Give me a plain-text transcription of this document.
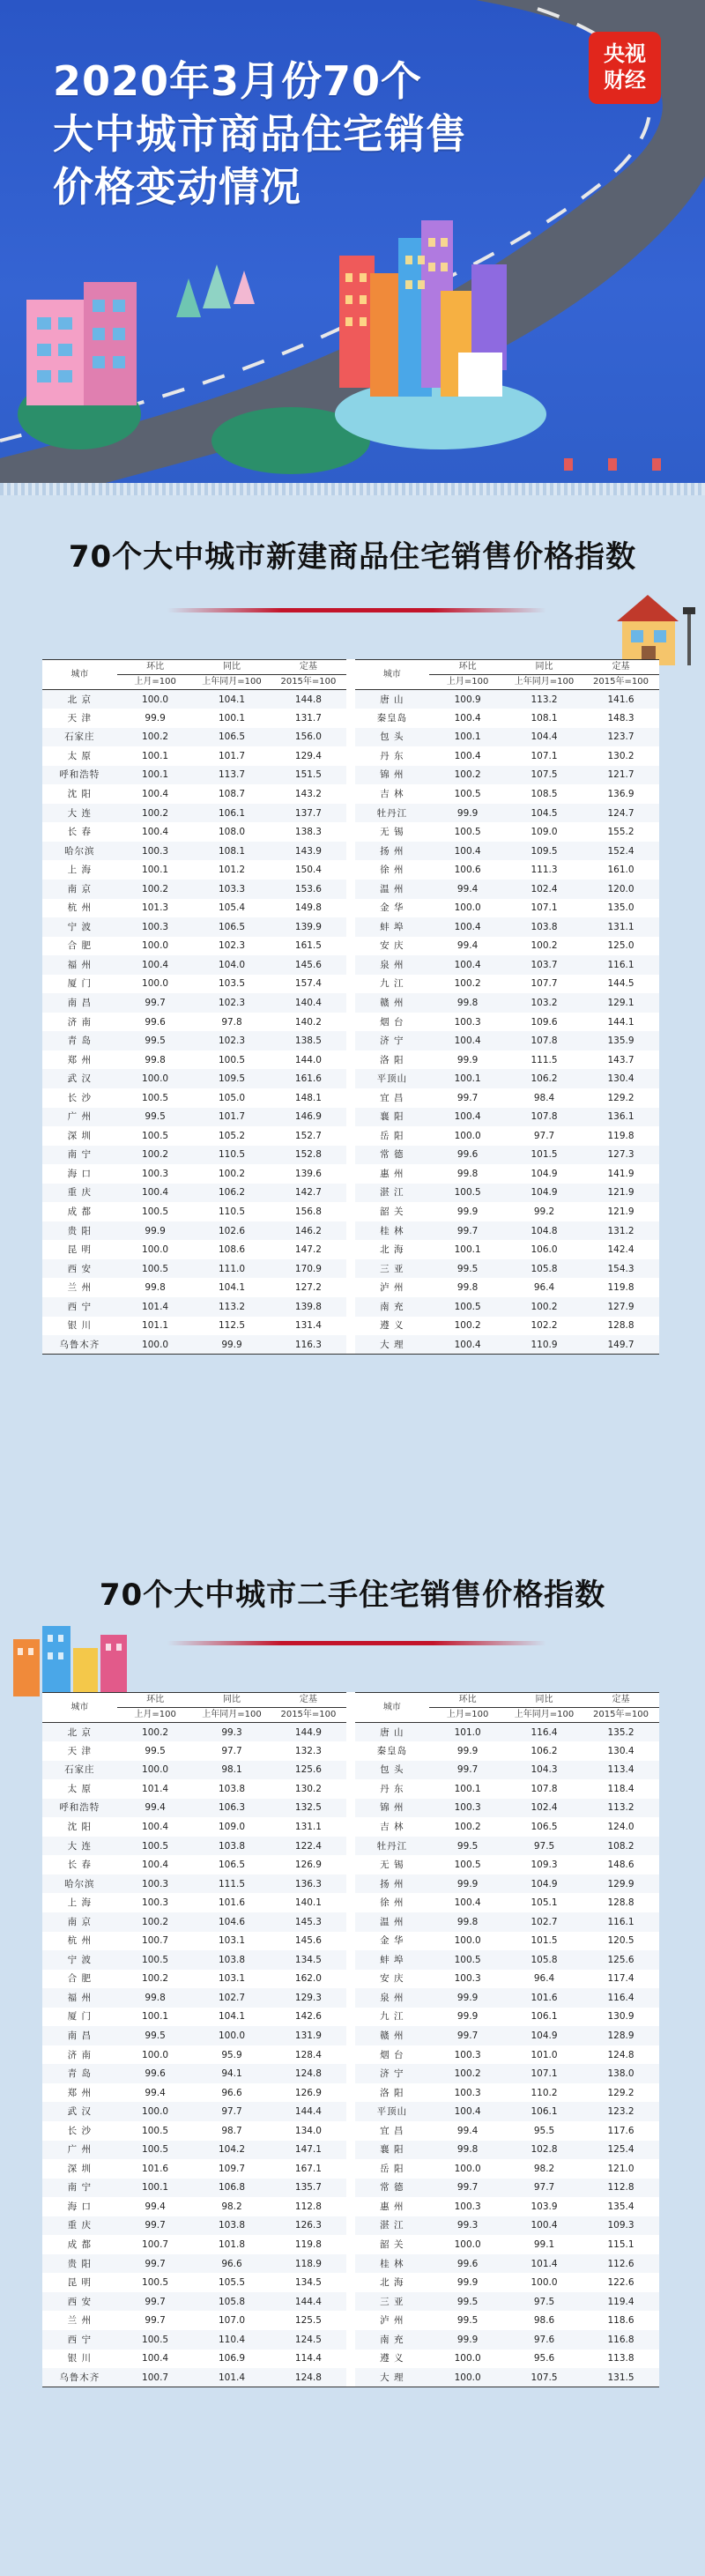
2020年3月份70个
大中城市商品住宅销售
价格变动情况
央视
财经
70个大中城市新建商品住宅销售价格指数
城市	环比	同比	定基		城市	环比	同比	定基
	上月=100	上年同月=100	2015年=100			上月=100	上年同月=100	2015年=100
北 京	100.0	104.1	144.8		唐 山	100.9	113.2	141.6
天 津	99.9	100.1	131.7		秦皇岛	100.4	108.1	148.3
石家庄	100.2	106.5	156.0		包 头	100.1	104.4	123.7
太 原	100.1	101.7	129.4		丹 东	100.4	107.1	130.2
呼和浩特	100.1	113.7	151.5		锦 州	100.2	107.5	121.7
沈 阳	100.4	108.7	143.2		吉 林	100.5	108.5	136.9
大 连	100.2	106.1	137.7		牡丹江	99.9	104.5	124.7
长 春	100.4	108.0	138.3		无 锡	100.5	109.0	155.2
哈尔滨	100.3	108.1	143.9		扬 州	100.4	109.5	152.4
上 海	100.1	101.2	150.4		徐 州	100.6	111.3	161.0
南 京	100.2	103.3	153.6		温 州	99.4	102.4	120.0
杭 州	101.3	105.4	149.8		金 华	100.0	107.1	135.0
宁 波	100.3	106.5	139.9		蚌 埠	100.4	103.8	131.1
合 肥	100.0	102.3	161.5		安 庆	99.4	100.2	125.0
福 州	100.4	104.0	145.6		泉 州	100.4	103.7	116.1
厦 门	100.0	103.5	157.4		九 江	100.2	107.7	144.5
南 昌	99.7	102.3	140.4		赣 州	99.8	103.2	129.1
济 南	99.6	97.8	140.2		烟 台	100.3	109.6	144.1
青 岛	99.5	102.3	138.5		济 宁	100.4	107.8	135.9
郑 州	99.8	100.5	144.0		洛 阳	99.9	111.5	143.7
武 汉	100.0	109.5	161.6		平顶山	100.1	106.2	130.4
长 沙	100.5	105.0	148.1		宜 昌	99.7	98.4	129.2
广 州	99.5	101.7	146.9		襄 阳	100.4	107.8	136.1
深 圳	100.5	105.2	152.7		岳 阳	100.0	97.7	119.8
南 宁	100.2	110.5	152.8		常 德	99.6	101.5	127.3
海 口	100.3	100.2	139.6		惠 州	99.8	104.9	141.9
重 庆	100.4	106.2	142.7		湛 江	100.5	104.9	121.9
成 都	100.5	110.5	156.8		韶 关	99.9	99.2	121.9
贵 阳	99.9	102.6	146.2		桂 林	99.7	104.8	131.2
昆 明	100.0	108.6	147.2		北 海	100.1	106.0	142.4
西 安	100.5	111.0	170.9		三 亚	99.5	105.8	154.3
兰 州	99.8	104.1	127.2		泸 州	99.8	96.4	119.8
西 宁	101.4	113.2	139.8		南 充	100.5	100.2	127.9
银 川	101.1	112.5	131.4		遵 义	100.2	102.2	128.8
乌鲁木齐	100.0	99.9	116.3		大 理	100.4	110.9	149.7
70个大中城市二手住宅销售价格指数
城市	环比	同比	定基		城市	环比	同比	定基
	上月=100	上年同月=100	2015年=100			上月=100	上年同月=100	2015年=100
北 京	100.2	99.3	144.9		唐 山	101.0	116.4	135.2
天 津	99.5	97.7	132.3		秦皇岛	99.9	106.2	130.4
石家庄	100.0	98.1	125.6		包 头	99.7	104.3	113.4
太 原	101.4	103.8	130.2		丹 东	100.1	107.8	118.4
呼和浩特	99.4	106.3	132.5		锦 州	100.3	102.4	113.2
沈 阳	100.4	109.0	131.1		吉 林	100.2	106.5	124.0
大 连	100.5	103.8	122.4		牡丹江	99.5	97.5	108.2
长 春	100.4	106.5	126.9		无 锡	100.5	109.3	148.6
哈尔滨	100.3	111.5	136.3		扬 州	99.9	104.9	129.9
上 海	100.3	101.6	140.1		徐 州	100.4	105.1	128.8
南 京	100.2	104.6	145.3		温 州	99.8	102.7	116.1
杭 州	100.7	103.1	145.6		金 华	100.0	101.5	120.5
宁 波	100.5	103.8	134.5		蚌 埠	100.5	105.8	125.6
合 肥	100.2	103.1	162.0		安 庆	100.3	96.4	117.4
福 州	99.8	102.7	129.3		泉 州	99.9	101.6	116.4
厦 门	100.1	104.1	142.6		九 江	99.9	106.1	130.9
南 昌	99.5	100.0	131.9		赣 州	99.7	104.9	128.9
济 南	100.0	95.9	128.4		烟 台	100.3	101.0	124.8
青 岛	99.6	94.1	124.8		济 宁	100.2	107.1	138.0
郑 州	99.4	96.6	126.9		洛 阳	100.3	110.2	129.2
武 汉	100.0	97.7	144.4		平顶山	100.4	106.1	123.2
长 沙	100.5	98.7	134.0		宜 昌	99.4	95.5	117.6
广 州	100.5	104.2	147.1		襄 阳	99.8	102.8	125.4
深 圳	101.6	109.7	167.1		岳 阳	100.0	98.2	121.0
南 宁	100.1	106.8	135.7		常 德	99.7	97.7	112.8
海 口	99.4	98.2	112.8		惠 州	100.3	103.9	135.4
重 庆	99.7	103.8	126.3		湛 江	99.3	100.4	109.3
成 都	100.7	101.8	119.8		韶 关	100.0	99.1	115.1
贵 阳	99.7	96.6	118.9		桂 林	99.6	101.4	112.6
昆 明	100.5	105.5	134.5		北 海	99.9	100.0	122.6
西 安	99.7	105.8	144.4		三 亚	99.5	97.5	119.4
兰 州	99.7	107.0	125.5		泸 州	99.5	98.6	118.6
西 宁	100.5	110.4	124.5		南 充	99.9	97.6	116.8
银 川	100.4	106.9	114.4		遵 义	100.0	95.6	113.8
乌鲁木齐	100.7	101.4	124.8		大 理	100.0	107.5	131.5
